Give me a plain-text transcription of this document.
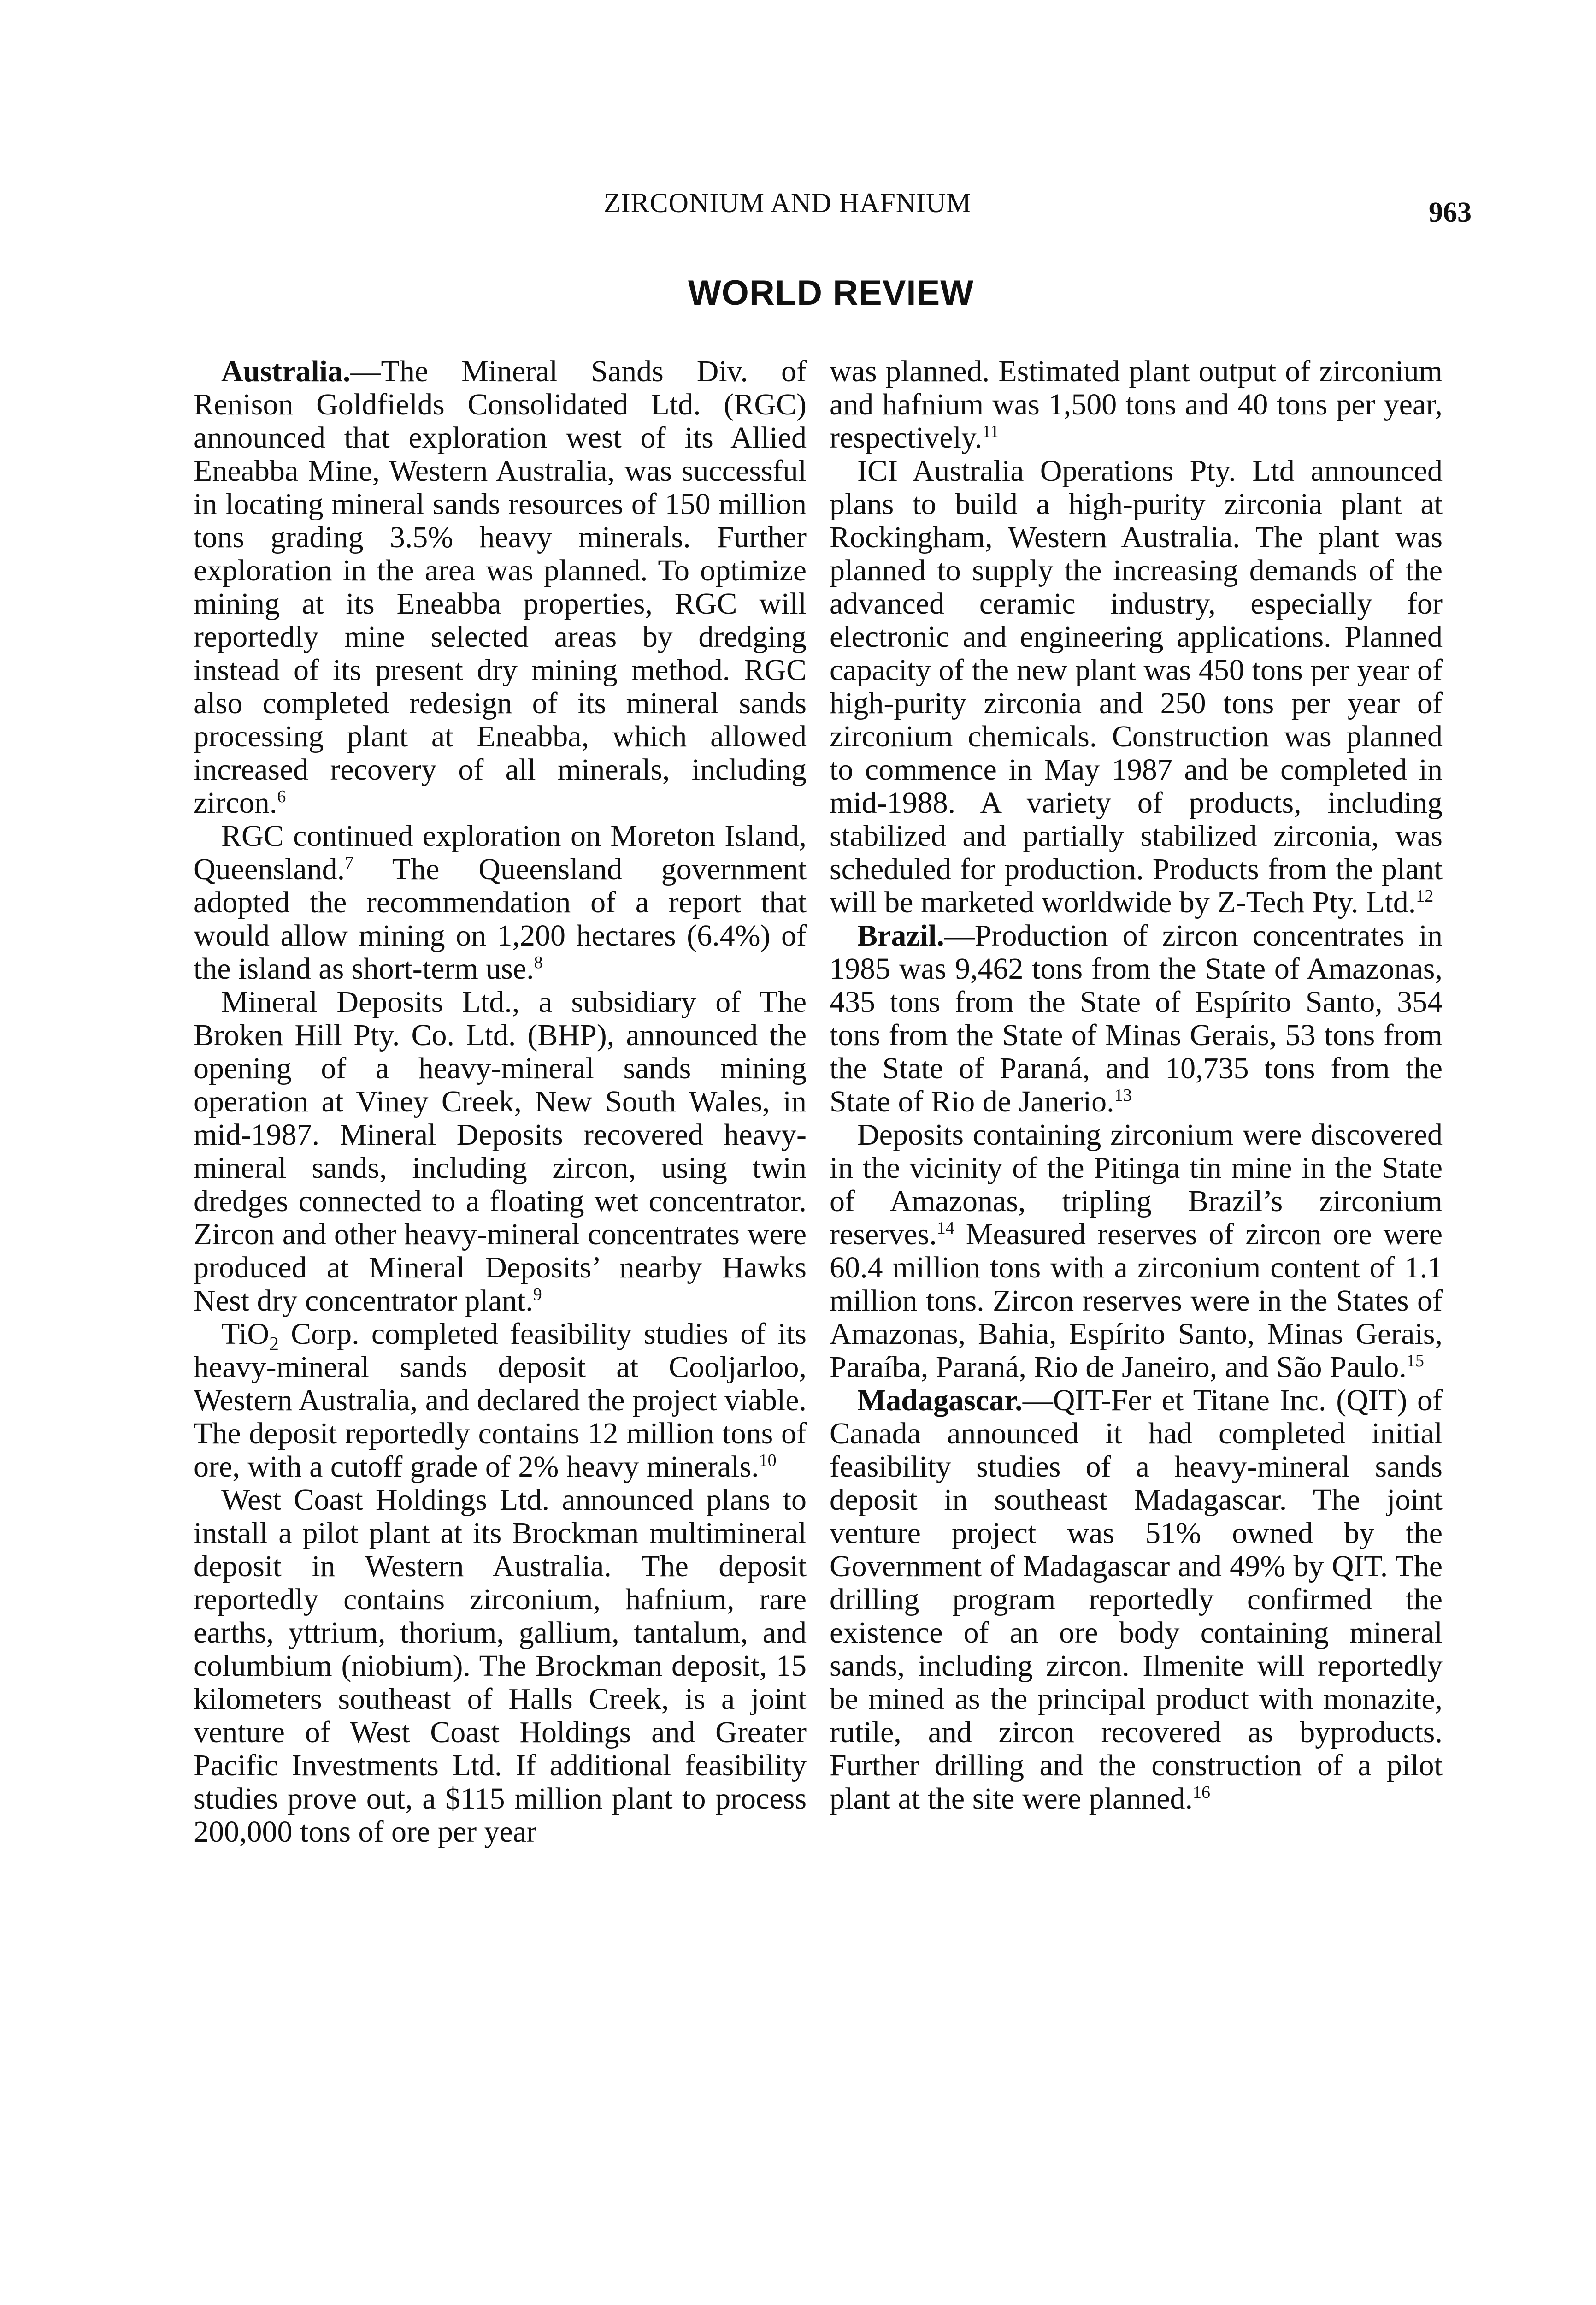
ZIRCONIUM AND HAFNIUM	963
WORLD REVIEW

Australia.—The Mineral Sands Div. of Renison Goldfields Consolidated Ltd. (RGC) announced that exploration west of its Allied Eneabba Mine, Western Australia, was successful in locating mineral sands resources of 150 million tons grading 3.5% heavy minerals. Further exploration in the area was planned. To optimize mining at its Eneabba properties, RGC will reportedly mine selected areas by dredging instead of its present dry mining method. RGC also completed redesign of its mineral sands processing plant at Eneabba, which allowed increased recovery of all minerals, including zircon.$^6$

RGC continued exploration on Moreton Island, Queensland.$^7$ The Queensland government adopted the recommendation of a report that would allow mining on 1,200 hectares (6.4%) of the island as short-term use.$^8$

Mineral Deposits Ltd., a subsidiary of The Broken Hill Pty. Co. Ltd. (BHP), announced the opening of a heavy-mineral sands mining operation at Viney Creek, New South Wales, in mid-1987. Mineral Deposits recovered heavy-mineral sands, including zircon, using twin dredges connected to a floating wet concentrator. Zircon and other heavy-mineral concentrates were produced at Mineral Deposits’ nearby Hawks Nest dry concentrator plant.$^9$

TiO$_2$ Corp. completed feasibility studies of its heavy-mineral sands deposit at Cooljarloo, Western Australia, and declared the project viable. The deposit reportedly contains 12 million tons of ore, with a cutoff grade of 2% heavy minerals.$^{10}$

West Coast Holdings Ltd. announced plans to install a pilot plant at its Brockman multimineral deposit in Western Australia. The deposit reportedly contains zirconium, hafnium, rare earths, yttrium, thorium, gallium, tantalum, and columbium (niobium). The Brockman deposit, 15 kilometers southeast of Halls Creek, is a joint venture of West Coast Holdings and Greater Pacific Investments Ltd. If additional feasibility studies prove out, a $115 million plant to process 200,000 tons of ore per year

was planned. Estimated plant output of zirconium and hafnium was 1,500 tons and 40 tons per year, respectively.$^{11}$

ICI Australia Operations Pty. Ltd announced plans to build a high-purity zirconia plant at Rockingham, Western Australia. The plant was planned to supply the increasing demands of the advanced ceramic industry, especially for electronic and engineering applications. Planned capacity of the new plant was 450 tons per year of high-purity zirconia and 250 tons per year of zirconium chemicals. Construction was planned to commence in May 1987 and be completed in mid-1988. A variety of products, including stabilized and partially stabilized zirconia, was scheduled for production. Products from the plant will be marketed worldwide by Z-Tech Pty. Ltd.$^{12}$

Brazil.—Production of zircon concentrates in 1985 was 9,462 tons from the State of Amazonas, 435 tons from the State of Espírito Santo, 354 tons from the State of Minas Gerais, 53 tons from the State of Paraná, and 10,735 tons from the State of Rio de Janerio.$^{13}$

Deposits containing zirconium were discovered in the vicinity of the Pitinga tin mine in the State of Amazonas, tripling Brazil’s zirconium reserves.$^{14}$ Measured reserves of zircon ore were 60.4 million tons with a zirconium content of 1.1 million tons. Zircon reserves were in the States of Amazonas, Bahia, Espírito Santo, Minas Gerais, Paraíba, Paraná, Rio de Janeiro, and São Paulo.$^{15}$

Madagascar.—QIT-Fer et Titane Inc. (QIT) of Canada announced it had completed initial feasibility studies of a heavy-mineral sands deposit in southeast Madagascar. The joint venture project was 51% owned by the Government of Madagascar and 49% by QIT. The drilling program reportedly confirmed the existence of an ore body containing mineral sands, including zircon. Ilmenite will reportedly be mined as the principal product with monazite, rutile, and zircon recovered as byproducts. Further drilling and the construction of a pilot plant at the site were planned.$^{16}$
